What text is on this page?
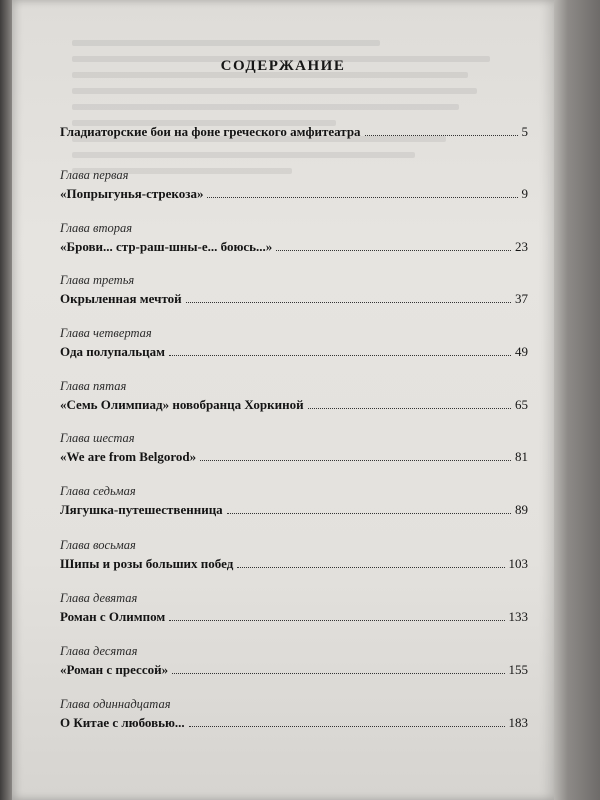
СОДЕРЖАНИЕ
Гладиаторские бои на фоне греческого амфитеатра	5
Глава первая
«Попрыгунья-стрекоза»	9
Глава вторая
«Брови... стр-раш-шны-е... боюсь...»	23
Глава третья
Окрыленная мечтой	37
Глава четвертая
Ода полупальцам	49
Глава пятая
«Семь Олимпиад» новобранца Хоркиной	65
Глава шестая
«We are from Belgorod»	81
Глава седьмая
Лягушка-путешественница	89
Глава восьмая
Шипы и розы больших побед	103
Глава девятая
Роман с Олимпом	133
Глава десятая
«Роман с прессой»	155
Глава одиннадцатая
О Китае с любовью...	183
